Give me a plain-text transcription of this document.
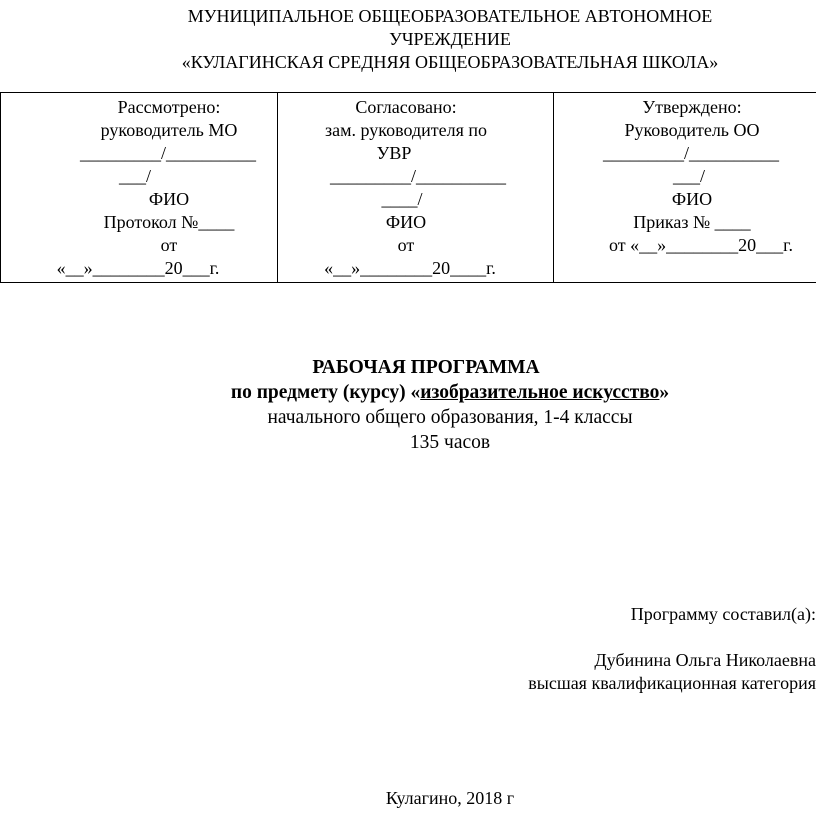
МУНИЦИПАЛЬНОЕ ОБЩЕОБРАЗОВАТЕЛЬНОЕ АВТОНОМНОЕ
УЧРЕЖДЕНИЕ
«КУЛАГИНСКАЯ СРЕДНЯЯ ОБЩЕОБРАЗОВАТЕЛЬНАЯ ШКОЛА»
Рассмотрено:
руководитель МО
_________/__________
___/
ФИО
Протокол №____
от
«__»________20___г.
Согласовано:
зам. руководителя по
УВР
_________/__________
____/
ФИО
от
«__»________20____г.
Утверждено:
Руководитель ОО
_________/__________
___/
ФИО
Приказ № ____
от «__»________20___г.
РАБОЧАЯ ПРОГРАММА
по предмету (курсу) «изобразительное искусство»
начального общего образования, 1-4 классы
135 часов
Программу составил(а):
Дубинина Ольга Николаевна
высшая квалификационная категория
Кулагино, 2018 г
